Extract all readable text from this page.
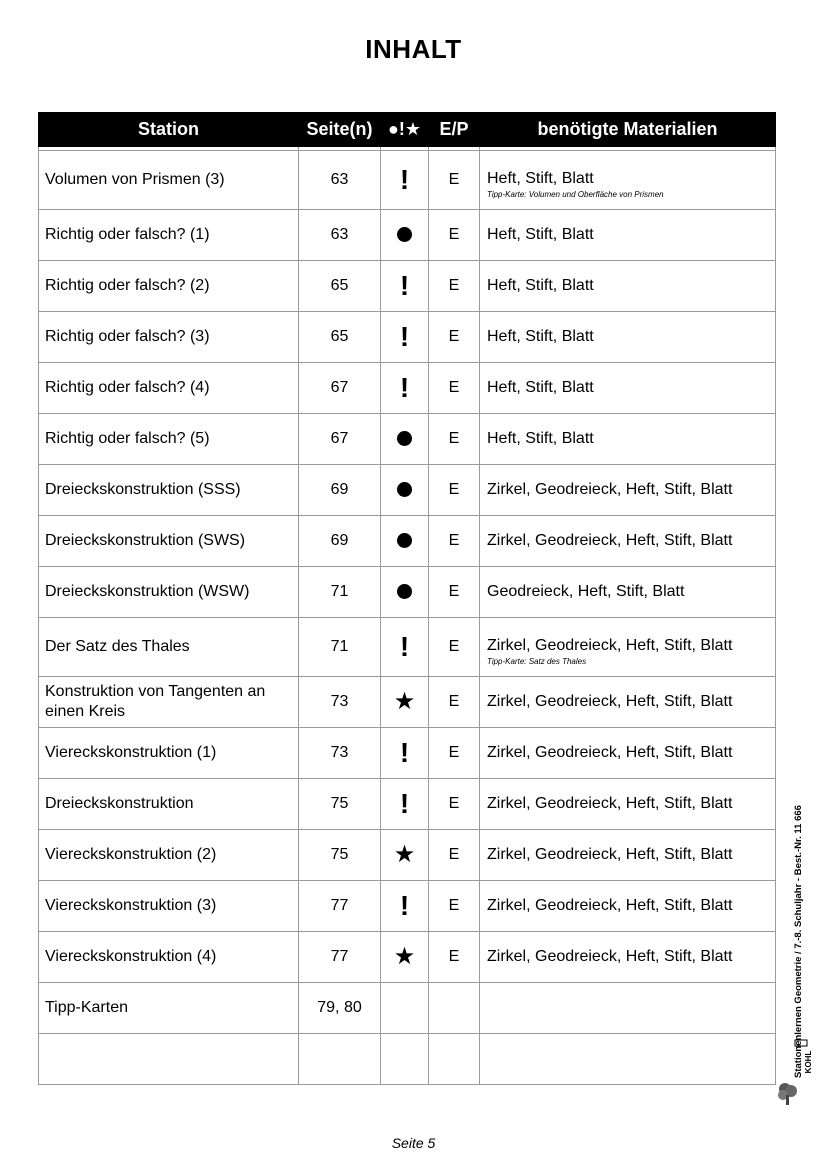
INHALT
Station	Seite(n)	●!★	E/P	benötigte Materialien

Volumen von Prismen (3)	63	!	E	Heft, Stift, Blatt
Tipp-Karte: Volumen und Oberfläche von Prismen

Richtig oder falsch? (1)	63		E	Heft, Stift, Blatt
Richtig oder falsch? (2)	65	!	E	Heft, Stift, Blatt
Richtig oder falsch? (3)	65	!	E	Heft, Stift, Blatt
Richtig oder falsch? (4)	67	!	E	Heft, Stift, Blatt
Richtig oder falsch? (5)	67		E	Heft, Stift, Blatt
Dreieckskonstruktion (SSS)	69		E	Zirkel, Geodreieck, Heft, Stift, Blatt
Dreieckskonstruktion (SWS)	69		E	Zirkel, Geodreieck, Heft, Stift, Blatt
Dreieckskonstruktion (WSW)	71		E	Geodreieck, Heft, Stift, Blatt
Der Satz des Thales	71	!	E	Zirkel, Geodreieck, Heft, Stift, Blatt
Tipp-Karte: Satz des Thales

Konstruktion von Tangenten an einen Kreis	73	★	E	Zirkel, Geodreieck, Heft, Stift, Blatt
Viereckskonstruktion (1)	73	!	E	Zirkel, Geodreieck, Heft, Stift, Blatt
Dreieckskonstruktion	75	!	E	Zirkel, Geodreieck, Heft, Stift, Blatt
Viereckskonstruktion (2)	75	★	E	Zirkel, Geodreieck, Heft, Stift, Blatt
Viereckskonstruktion (3)	77	!	E	Zirkel, Geodreieck, Heft, Stift, Blatt
Viereckskonstruktion (4)	77	★	E	Zirkel, Geodreieck, Heft, Stift, Blatt
Tipp-Karten	79, 80			

KOHL
Stationenlernen Geometrie / 7.-8. Schuljahr - Best.-Nr. 11 666
Seite 5
